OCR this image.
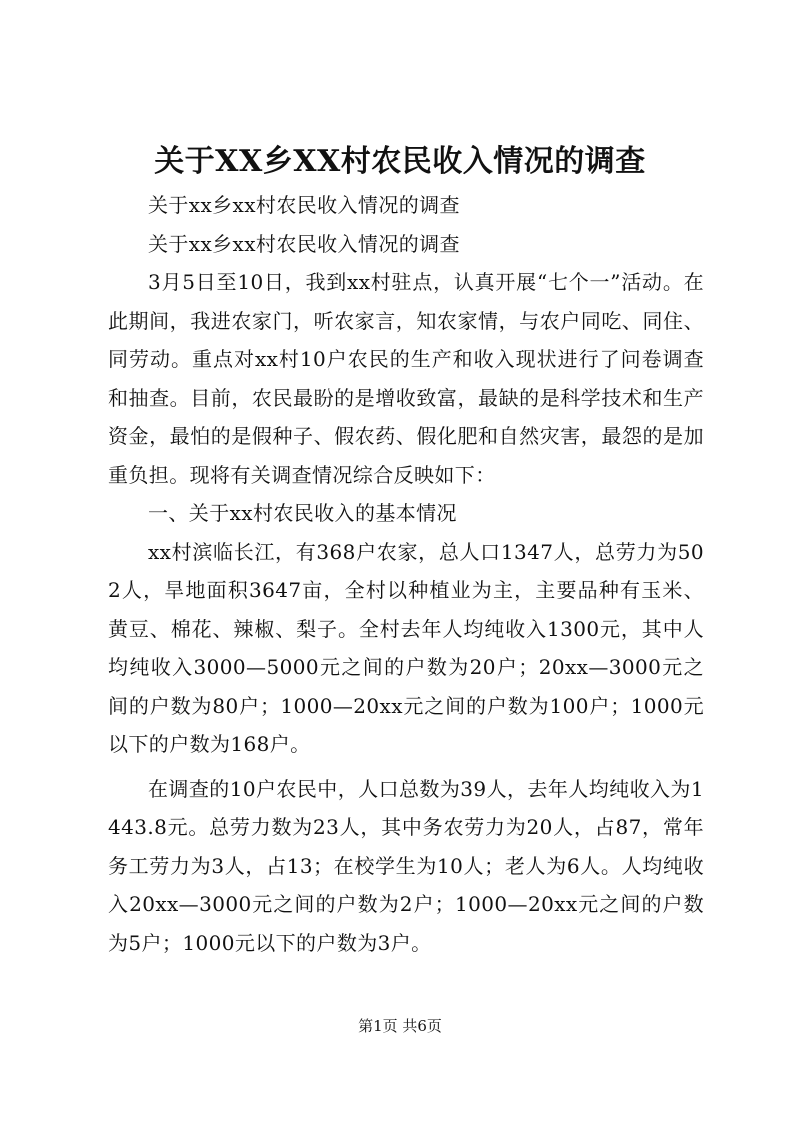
关于XX乡XX村农民收入情况的调查

关于xx乡xx村农民收入情况的调查

关于xx乡xx村农民收入情况的调查

3月5日至10日，我到xx村驻点，认真开展“七个一”活动。在此期间，我进农家门，听农家言，知农家情，与农户同吃、同住、同劳动。重点对xx村10户农民的生产和收入现状进行了问卷调查和抽查。目前，农民最盼的是增收致富，最缺的是科学技术和生产资金，最怕的是假种子、假农药、假化肥和自然灾害，最怨的是加重负担。现将有关调查情况综合反映如下：

一、关于xx村农民收入的基本情况

xx村滨临长江，有368户农家，总人口1347人，总劳力为502人，旱地面积3647亩，全村以种植业为主，主要品种有玉米、黄豆、棉花、辣椒、梨子。全村去年人均纯收入1300元，其中人均纯收入3000—5000元之间的户数为20户；20xx—3000元之间的户数为80户；1000—20xx元之间的户数为100户；1000元以下的户数为168户。

在调查的10户农民中，人口总数为39人，去年人均纯收入为1443.8元。总劳力数为23人，其中务农劳力为20人，占87，常年务工劳力为3人，占13；在校学生为10人；老人为6人。人均纯收入20xx—3000元之间的户数为2户；1000—20xx元之间的户数为5户；1000元以下的户数为3户。

第1页 共6页
